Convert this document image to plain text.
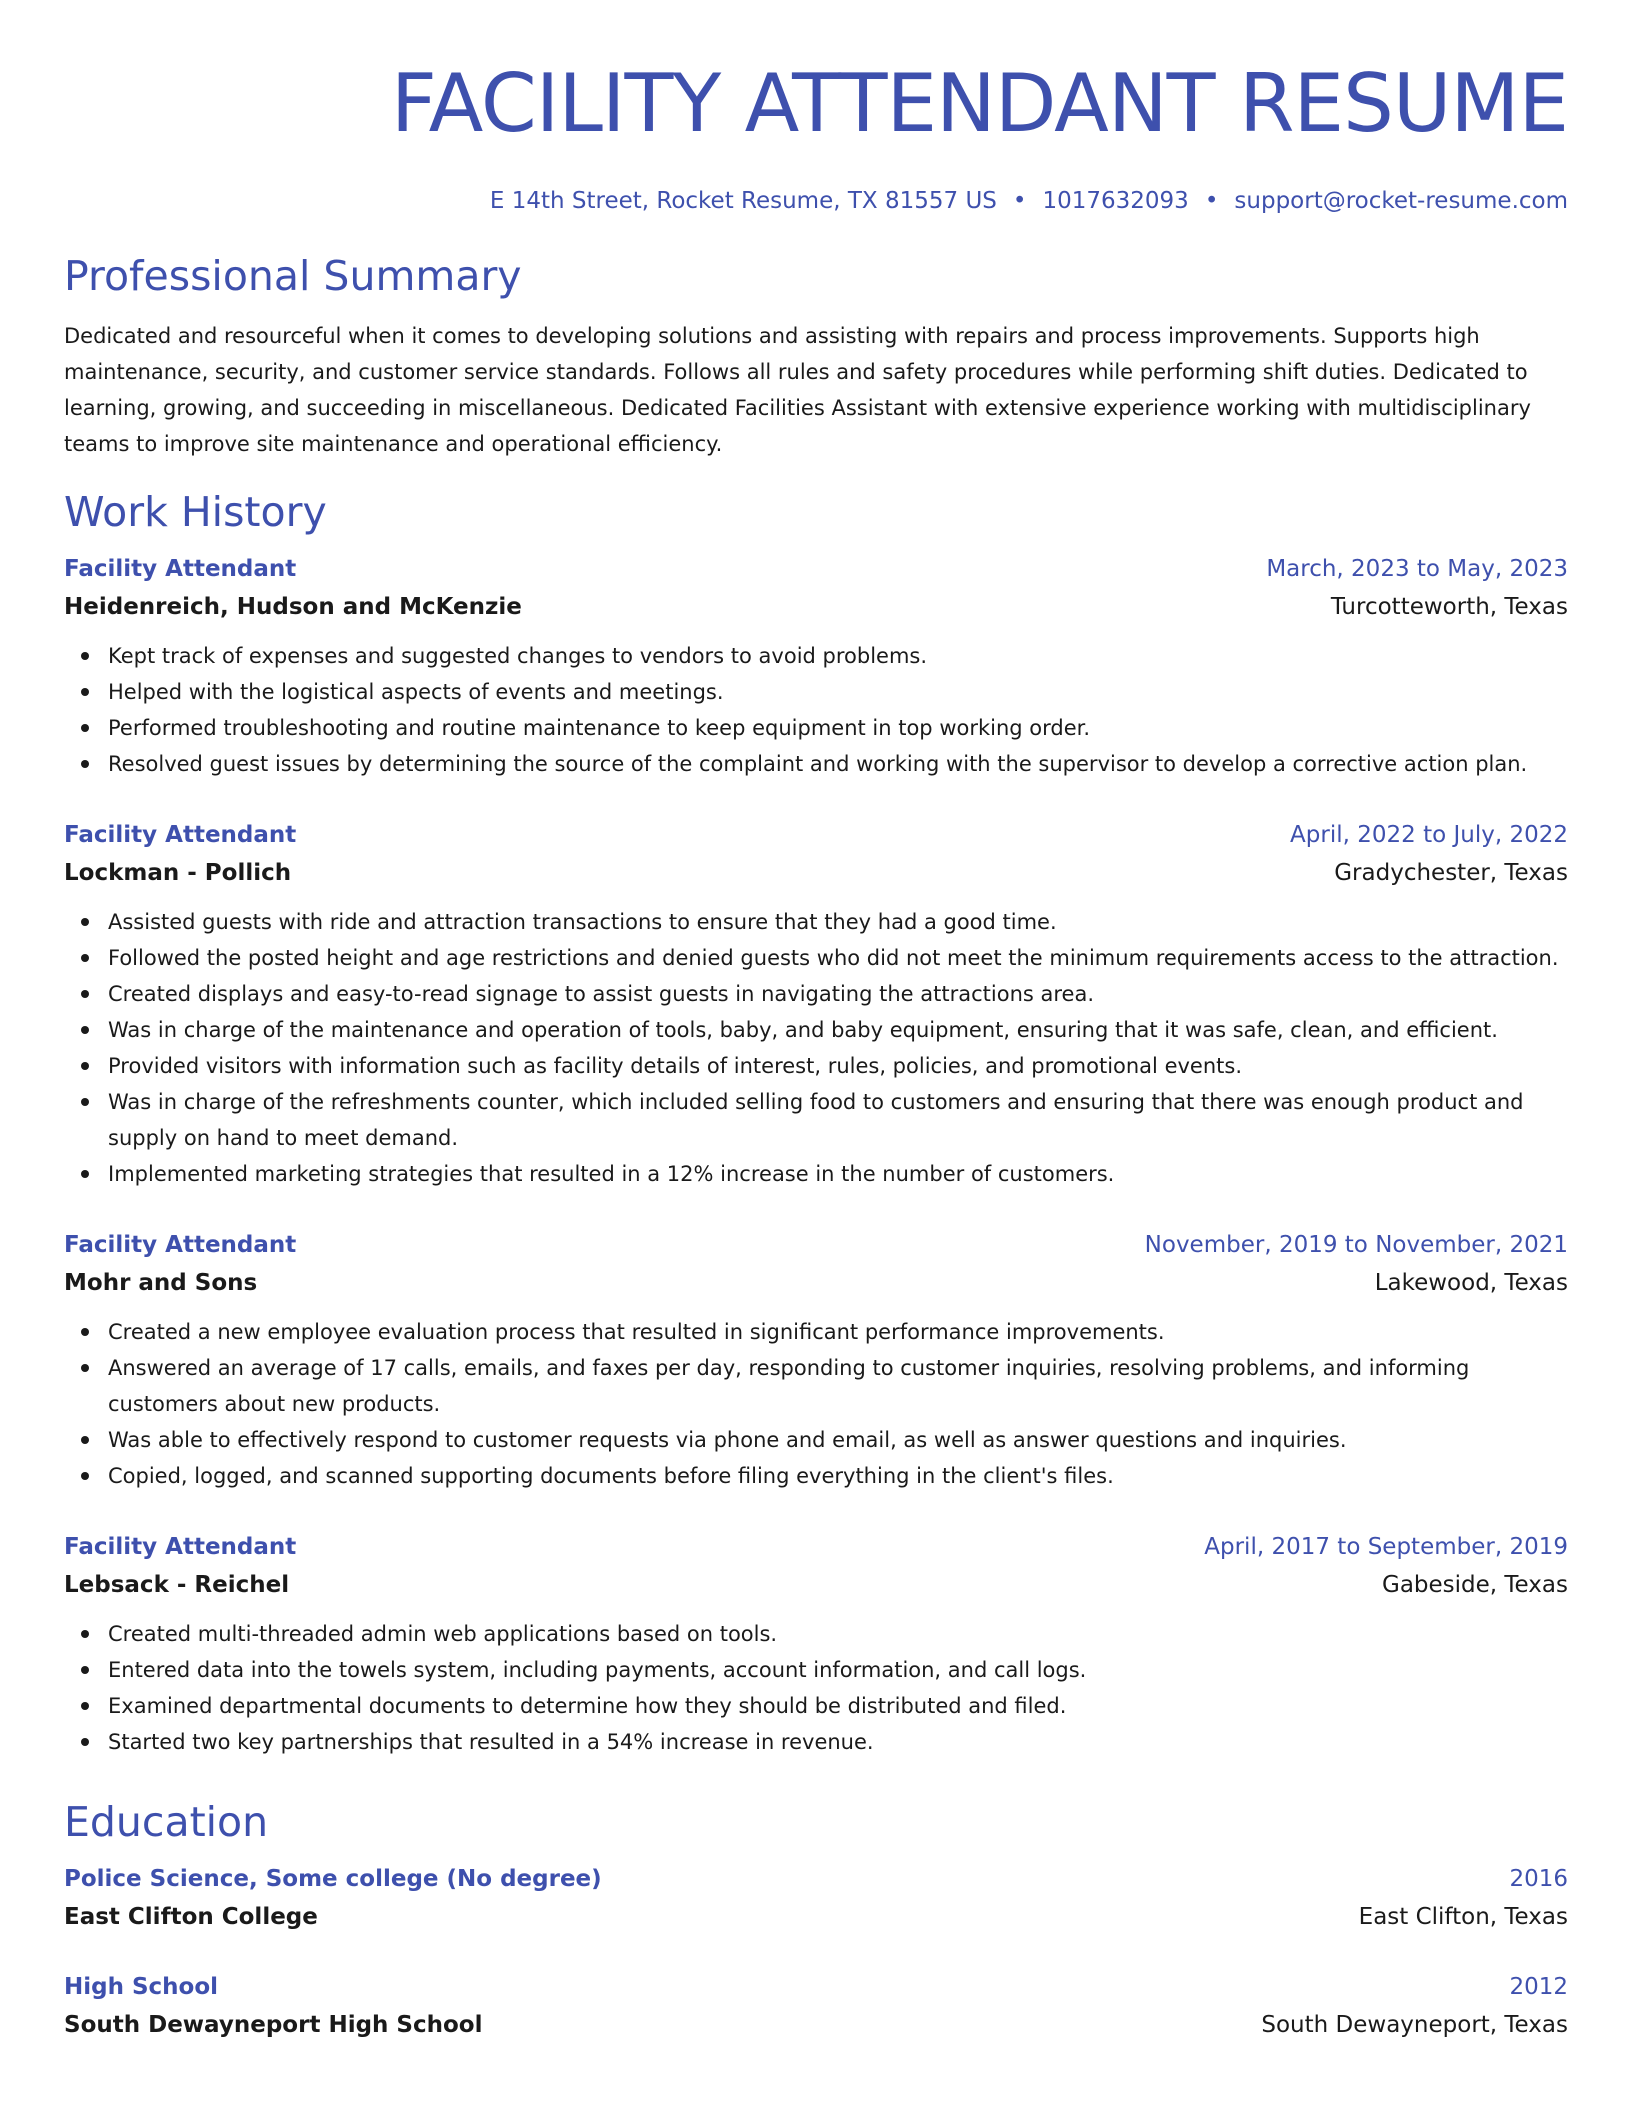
FACILITY ATTENDANT RESUME
E 14th Street, Rocket Resume, TX 81557 US • 1017632093 • support@rocket-resume.com
Professional Summary

Dedicated and resourceful when it comes to developing solutions and assisting with repairs and process improvements. Supports high maintenance, security, and customer service standards. Follows all rules and safety procedures while performing shift duties. Dedicated to learning, growing, and succeeding in miscellaneous. Dedicated Facilities Assistant with extensive experience working with multidisciplinary teams to improve site maintenance and operational efficiency.

Work History
Facility Attendant	March, 2023 to May, 2023
Heidenreich, Hudson and McKenzie	Turcotteworth, Texas
Kept track of expenses and suggested changes to vendors to avoid problems.
Helped with the logistical aspects of events and meetings.
Performed troubleshooting and routine maintenance to keep equipment in top working order.
Resolved guest issues by determining the source of the complaint and working with the supervisor to develop a corrective action plan.
Facility Attendant	April, 2022 to July, 2022
Lockman - Pollich	Gradychester, Texas
Assisted guests with ride and attraction transactions to ensure that they had a good time.
Followed the posted height and age restrictions and denied guests who did not meet the minimum requirements access to the attraction.
Created displays and easy-to-read signage to assist guests in navigating the attractions area.
Was in charge of the maintenance and operation of tools, baby, and baby equipment, ensuring that it was safe, clean, and efficient.
Provided visitors with information such as facility details of interest, rules, policies, and promotional events.
Was in charge of the refreshments counter, which included selling food to customers and ensuring that there was enough product and supply on hand to meet demand.
Implemented marketing strategies that resulted in a 12% increase in the number of customers.
Facility Attendant	November, 2019 to November, 2021
Mohr and Sons	Lakewood, Texas
Created a new employee evaluation process that resulted in significant performance improvements.
Answered an average of 17 calls, emails, and faxes per day, responding to customer inquiries, resolving problems, and informing customers about new products.
Was able to effectively respond to customer requests via phone and email, as well as answer questions and inquiries.
Copied, logged, and scanned supporting documents before filing everything in the client's files.
Facility Attendant	April, 2017 to September, 2019
Lebsack - Reichel	Gabeside, Texas
Created multi-threaded admin web applications based on tools.
Entered data into the towels system, including payments, account information, and call logs.
Examined departmental documents to determine how they should be distributed and filed.
Started two key partnerships that resulted in a 54% increase in revenue.
Education
Police Science, Some college (No degree)	2016
East Clifton College	East Clifton, Texas
High School	2012
South Dewayneport High School	South Dewayneport, Texas
